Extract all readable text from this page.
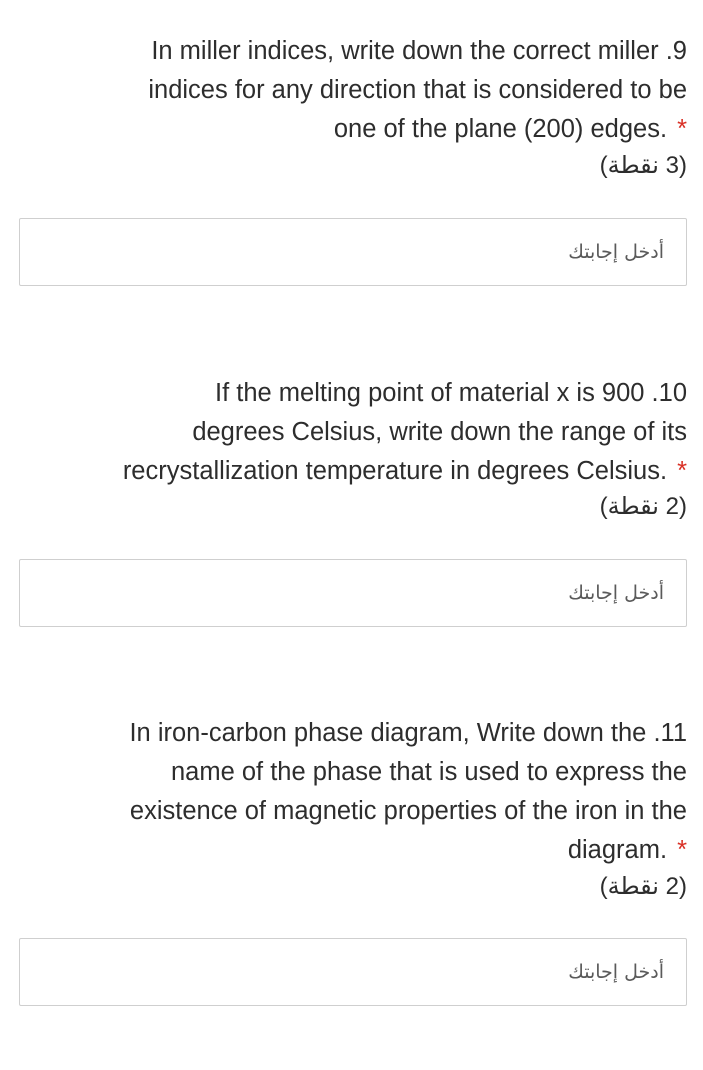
In miller indices, write down the correct miller .9
indices for any direction that is considered to be
*.one of the plane (200) edges
(3 نقطة)
أدخل إجابتك
If the melting point of material x is 900 .10
degrees Celsius, write down the range of its
*.recrystallization temperature in degrees Celsius
(2 نقطة)
أدخل إجابتك
In iron-carbon phase diagram, Write down the .11
name of the phase that is used to express the
existence of magnetic properties of the iron in the
*.diagram
(2 نقطة)
أدخل إجابتك
